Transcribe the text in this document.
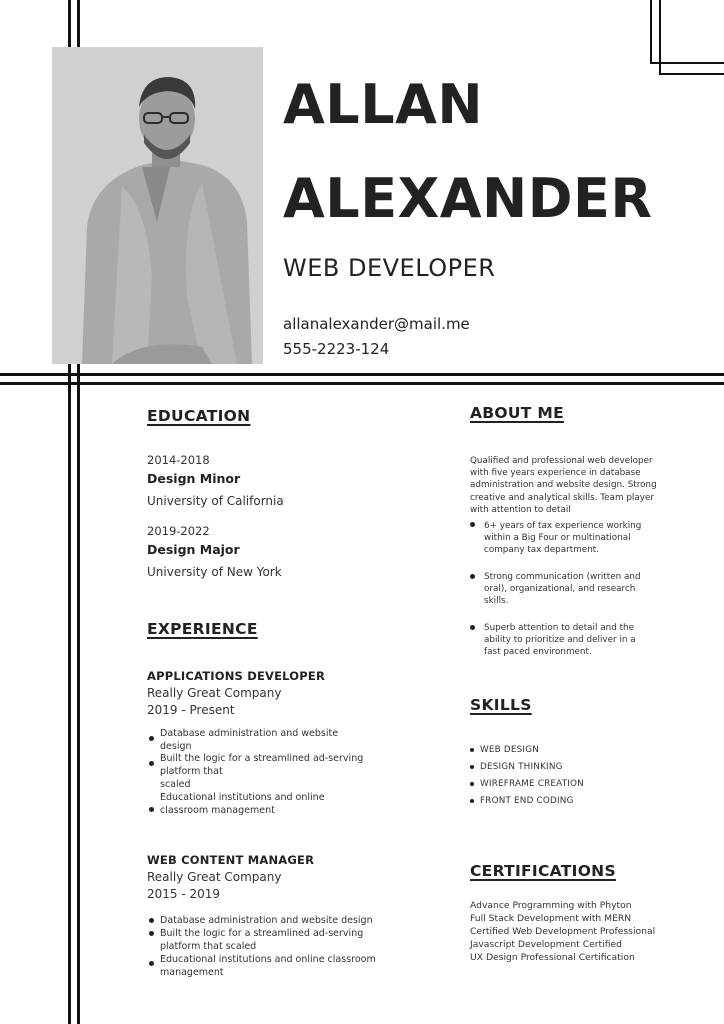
ALLAN
ALEXANDER
WEB DEVELOPER
allanalexander@mail.me
555-2223-124
EDUCATION
2014-2018
Design Minor
University of California
2019-2022
Design Major
University of New York
EXPERIENCE
APPLICATIONS DEVELOPER
Really Great Company
2019 - Present
Database administration and website
design
Built the logic for a streamlined ad-serving
platform that
scaled
Educational institutions and online
classroom management
WEB CONTENT MANAGER
Really Great Company
2015 - 2019
Database administration and website design
Built the logic for a streamlined ad-serving
platform that scaled
Educational institutions and online classroom
management
ABOUT ME
Qualified and professional web developer with five years experience in database administration and website design. Strong creative and analytical skills. Team player with attention to detail
6+ years of tax experience working within a Big Four or multinational company tax department.
Strong communication (written and oral), organizational, and research skills.
Superb attention to detail and the ability to prioritize and deliver in a fast paced environment.
SKILLS
WEB DESIGN
DESIGN THINKING
WIREFRAME CREATION
FRONT END CODING
CERTIFICATIONS
Advance Programming with Phyton
Full Stack Development with MERN
Certified Web Development Professional
Javascript Development Certified
UX Design Professional Certification
